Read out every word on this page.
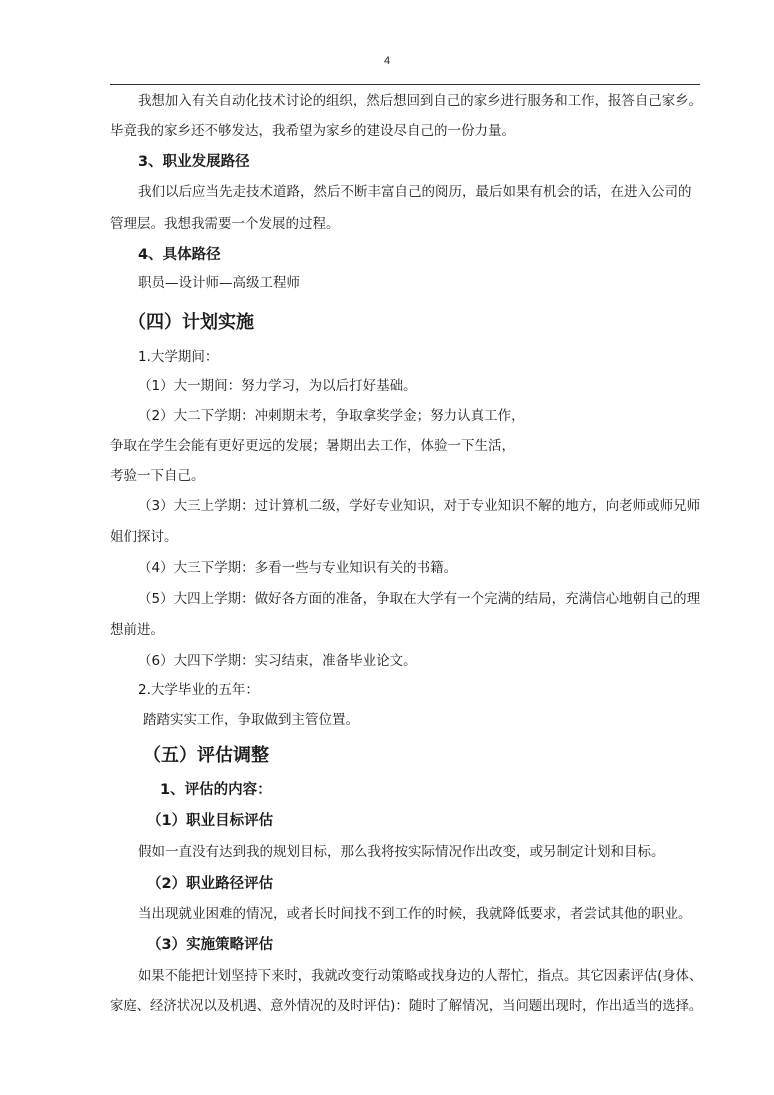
4
我想加入有关自动化技术讨论的组织，然后想回到自己的家乡进行服务和工作，报答自己家乡。
毕竟我的家乡还不够发达，我希望为家乡的建设尽自己的一份力量。
3、职业发展路径
我们以后应当先走技术道路，然后不断丰富自己的阅历，最后如果有机会的话，在进入公司的
管理层。我想我需要一个发展的过程。
4、具体路径
职员—设计师—高级工程师
（四）计划实施
1.大学期间：
（1）大一期间：努力学习，为以后打好基础。
（2）大二下学期：冲刺期末考，争取拿奖学金；努力认真工作，
争取在学生会能有更好更远的发展；暑期出去工作，体验一下生活，
考验一下自己。
（3）大三上学期：过计算机二级，学好专业知识，对于专业知识不解的地方，向老师或师兄师
姐们探讨。
（4）大三下学期：多看一些与专业知识有关的书籍。
（5）大四上学期：做好各方面的准备，争取在大学有一个完满的结局，充满信心地朝自己的理
想前进。
（6）大四下学期：实习结束，准备毕业论文。
2.大学毕业的五年：
踏踏实实工作，争取做到主管位置。
（五）评估调整
1、评估的内容：
（1）职业目标评估
假如一直没有达到我的规划目标，那么我将按实际情况作出改变，或另制定计划和目标。
（2）职业路径评估
当出现就业困难的情况，或者长时间找不到工作的时候，我就降低要求，者尝试其他的职业。
（3）实施策略评估
如果不能把计划坚持下来时，我就改变行动策略或找身边的人帮忙，指点。其它因素评估(身体、
家庭、经济状况以及机遇、意外情况的及时评估)：随时了解情况，当问题出现时，作出适当的选择。
